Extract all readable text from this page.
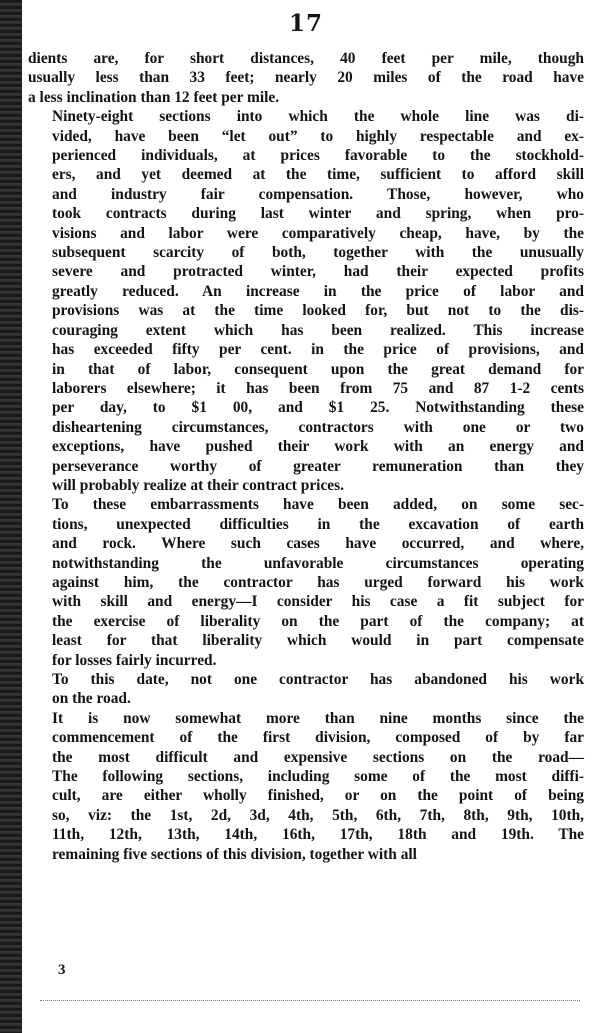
17

dients are, for short distances, 40 feet per mile, though
usually less than 33 feet; nearly 20 miles of the road have
a less inclination than 12 feet per mile.

Ninety-eight sections into which the whole line was di-
vided, have been “let out” to highly respectable and ex-
perienced individuals, at prices favorable to the stockhold-
ers, and yet deemed at the time, sufficient to afford skill
and industry fair compensation. Those, however, who
took contracts during last winter and spring, when pro-
visions and labor were comparatively cheap, have, by the
subsequent scarcity of both, together with the unusually
severe and protracted winter, had their expected profits
greatly reduced. An increase in the price of labor and
provisions was at the time looked for, but not to the dis-
couraging extent which has been realized. This increase
has exceeded fifty per cent. in the price of provisions, and
in that of labor, consequent upon the great demand for
laborers elsewhere; it has been from 75 and 87 1-2 cents
per day, to $1 00, and $1 25. Notwithstanding these
disheartening circumstances, contractors with one or two
exceptions, have pushed their work with an energy and
perseverance worthy of greater remuneration than they
will probably realize at their contract prices.

To these embarrassments have been added, on some sec-
tions, unexpected difficulties in the excavation of earth
and rock. Where such cases have occurred, and where,
notwithstanding the unfavorable circumstances operating
against him, the contractor has urged forward his work
with skill and energy—I consider his case a fit subject for
the exercise of liberality on the part of the company; at
least for that liberality which would in part compensate
for losses fairly incurred.

To this date, not one contractor has abandoned his work
on the road.

It is now somewhat more than nine months since the
commencement of the first division, composed of by far
the most difficult and expensive sections on the road—
The following sections, including some of the most diffi-
cult, are either wholly finished, or on the point of being
so, viz: the 1st, 2d, 3d, 4th, 5th, 6th, 7th, 8th, 9th, 10th,
11th, 12th, 13th, 14th, 16th, 17th, 18th and 19th. The
remaining five sections of this division, together with all

3
